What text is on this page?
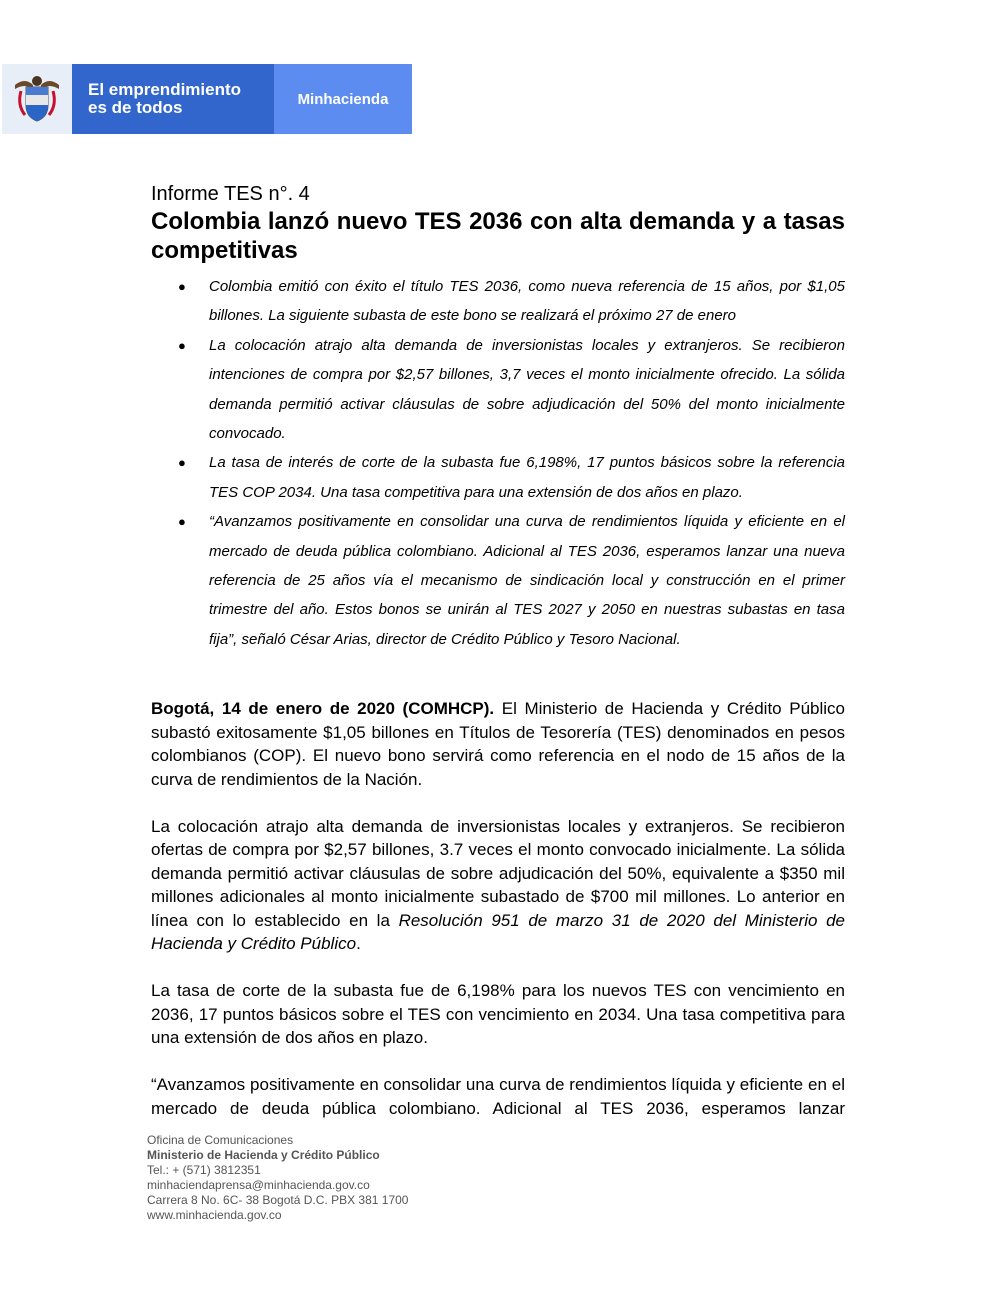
El emprendimiento
es de todos	Minhacienda
Informe TES n°. 4
Colombia lanzó nuevo TES 2036 con alta demanda y a tasas competitivas
● Colombia emitió con éxito el título TES 2036, como nueva referencia de 15 años, por $1,05 billones. La siguiente subasta de este bono se realizará el próximo 27 de enero
● La colocación atrajo alta demanda de inversionistas locales y extranjeros. Se recibieron intenciones de compra por $2,57 billones, 3,7 veces el monto inicialmente ofrecido. La sólida demanda permitió activar cláusulas de sobre adjudicación del 50% del monto inicialmente convocado.
● La tasa de interés de corte de la subasta fue 6,198%, 17 puntos básicos sobre la referencia TES COP 2034. Una tasa competitiva para una extensión de dos años en plazo.
● “Avanzamos positivamente en consolidar una curva de rendimientos líquida y eficiente en el mercado de deuda pública colombiano. Adicional al TES 2036, esperamos lanzar una nueva referencia de 25 años vía el mecanismo de sindicación local y construcción en el primer trimestre del año. Estos bonos se unirán al TES 2027 y 2050 en nuestras subastas en tasa fija”, señaló César Arias, director de Crédito Público y Tesoro Nacional.

Bogotá, 14 de enero de 2020 (COMHCP). El Ministerio de Hacienda y Crédito Público subastó exitosamente $1,05 billones en Títulos de Tesorería (TES) denominados en pesos colombianos (COP). El nuevo bono servirá como referencia en el nodo de 15 años de la curva de rendimientos de la Nación.

La colocación atrajo alta demanda de inversionistas locales y extranjeros. Se recibieron ofertas de compra por $2,57 billones, 3.7 veces el monto convocado inicialmente. La sólida demanda permitió activar cláusulas de sobre adjudicación del 50%, equivalente a $350 mil millones adicionales al monto inicialmente subastado de $700 mil millones. Lo anterior en línea con lo establecido en la Resolución 951 de marzo 31 de 2020 del Ministerio de Hacienda y Crédito Público.

La tasa de corte de la subasta fue de 6,198% para los nuevos TES con vencimiento en 2036, 17 puntos básicos sobre el TES con vencimiento en 2034. Una tasa competitiva para una extensión de dos años en plazo.

“Avanzamos positivamente en consolidar una curva de rendimientos líquida y eficiente en el mercado de deuda pública colombiano. Adicional al TES 2036, esperamos lanzar

Oficina de Comunicaciones
Ministerio de Hacienda y Crédito Público
Tel.: + (571) 3812351
minhaciendaprensa@minhacienda.gov.co
Carrera 8 No. 6C- 38 Bogotá D.C. PBX 381 1700
www.minhacienda.gov.co
